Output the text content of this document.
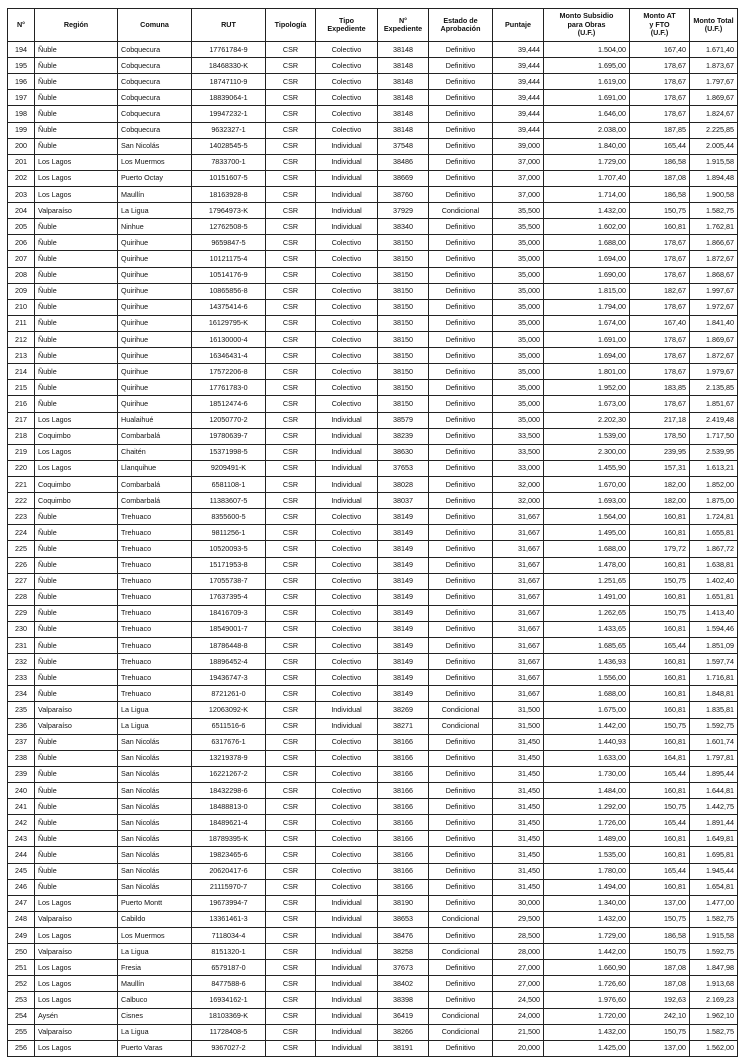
N°	Región	Comuna	RUT	Tipología	Tipo
Expediente	N°
Expediente	Estado de
Aprobación	Puntaje	Monto Subsidio
para Obras
(U.F.)	Monto AT
y FTO
(U.F.)	Monto Total
(U.F.)
194	Ñuble	Cobquecura	17761784-9	CSR	Colectivo	38148	Definitivo	39,444	1.504,00	167,40	1.671,40
195	Ñuble	Cobquecura	18468330-K	CSR	Colectivo	38148	Definitivo	39,444	1.695,00	178,67	1.873,67
196	Ñuble	Cobquecura	18747110-9	CSR	Colectivo	38148	Definitivo	39,444	1.619,00	178,67	1.797,67
197	Ñuble	Cobquecura	18839064-1	CSR	Colectivo	38148	Definitivo	39,444	1.691,00	178,67	1.869,67
198	Ñuble	Cobquecura	19947232-1	CSR	Colectivo	38148	Definitivo	39,444	1.646,00	178,67	1.824,67
199	Ñuble	Cobquecura	9632327-1	CSR	Colectivo	38148	Definitivo	39,444	2.038,00	187,85	2.225,85
200	Ñuble	San Nicolás	14028545-5	CSR	Individual	37548	Definitivo	39,000	1.840,00	165,44	2.005,44
201	Los Lagos	Los Muermos	7833700-1	CSR	Individual	38486	Definitivo	37,000	1.729,00	186,58	1.915,58
202	Los Lagos	Puerto Octay	10151607-5	CSR	Individual	38669	Definitivo	37,000	1.707,40	187,08	1.894,48
203	Los Lagos	Maullín	18163928-8	CSR	Individual	38760	Definitivo	37,000	1.714,00	186,58	1.900,58
204	Valparaíso	La Ligua	17964973-K	CSR	Individual	37929	Condicional	35,500	1.432,00	150,75	1.582,75
205	Ñuble	Ninhue	12762508-5	CSR	Individual	38340	Definitivo	35,500	1.602,00	160,81	1.762,81
206	Ñuble	Quirihue	9659847-5	CSR	Colectivo	38150	Definitivo	35,000	1.688,00	178,67	1.866,67
207	Ñuble	Quirihue	10121175-4	CSR	Colectivo	38150	Definitivo	35,000	1.694,00	178,67	1.872,67
208	Ñuble	Quirihue	10514176-9	CSR	Colectivo	38150	Definitivo	35,000	1.690,00	178,67	1.868,67
209	Ñuble	Quirihue	10865856-8	CSR	Colectivo	38150	Definitivo	35,000	1.815,00	182,67	1.997,67
210	Ñuble	Quirihue	14375414-6	CSR	Colectivo	38150	Definitivo	35,000	1.794,00	178,67	1.972,67
211	Ñuble	Quirihue	16129795-K	CSR	Colectivo	38150	Definitivo	35,000	1.674,00	167,40	1.841,40
212	Ñuble	Quirihue	16130000-4	CSR	Colectivo	38150	Definitivo	35,000	1.691,00	178,67	1.869,67
213	Ñuble	Quirihue	16346431-4	CSR	Colectivo	38150	Definitivo	35,000	1.694,00	178,67	1.872,67
214	Ñuble	Quirihue	17572206-8	CSR	Colectivo	38150	Definitivo	35,000	1.801,00	178,67	1.979,67
215	Ñuble	Quirihue	17761783-0	CSR	Colectivo	38150	Definitivo	35,000	1.952,00	183,85	2.135,85
216	Ñuble	Quirihue	18512474-6	CSR	Colectivo	38150	Definitivo	35,000	1.673,00	178,67	1.851,67
217	Los Lagos	Hualaihué	12050770-2	CSR	Individual	38579	Definitivo	35,000	2.202,30	217,18	2.419,48
218	Coquimbo	Combarbalá	19780639-7	CSR	Individual	38239	Definitivo	33,500	1.539,00	178,50	1.717,50
219	Los Lagos	Chaitén	15371998-5	CSR	Individual	38630	Definitivo	33,500	2.300,00	239,95	2.539,95
220	Los Lagos	Llanquihue	9209491-K	CSR	Individual	37653	Definitivo	33,000	1.455,90	157,31	1.613,21
221	Coquimbo	Combarbalá	6581108-1	CSR	Individual	38028	Definitivo	32,000	1.670,00	182,00	1.852,00
222	Coquimbo	Combarbalá	11383607-5	CSR	Individual	38037	Definitivo	32,000	1.693,00	182,00	1.875,00
223	Ñuble	Trehuaco	8355600-5	CSR	Colectivo	38149	Definitivo	31,667	1.564,00	160,81	1.724,81
224	Ñuble	Trehuaco	9811256-1	CSR	Colectivo	38149	Definitivo	31,667	1.495,00	160,81	1.655,81
225	Ñuble	Trehuaco	10520093-5	CSR	Colectivo	38149	Definitivo	31,667	1.688,00	179,72	1.867,72
226	Ñuble	Trehuaco	15171953-8	CSR	Colectivo	38149	Definitivo	31,667	1.478,00	160,81	1.638,81
227	Ñuble	Trehuaco	17055738-7	CSR	Colectivo	38149	Definitivo	31,667	1.251,65	150,75	1.402,40
228	Ñuble	Trehuaco	17637395-4	CSR	Colectivo	38149	Definitivo	31,667	1.491,00	160,81	1.651,81
229	Ñuble	Trehuaco	18416709-3	CSR	Colectivo	38149	Definitivo	31,667	1.262,65	150,75	1.413,40
230	Ñuble	Trehuaco	18549001-7	CSR	Colectivo	38149	Definitivo	31,667	1.433,65	160,81	1.594,46
231	Ñuble	Trehuaco	18786448-8	CSR	Colectivo	38149	Definitivo	31,667	1.685,65	165,44	1.851,09
232	Ñuble	Trehuaco	18896452-4	CSR	Colectivo	38149	Definitivo	31,667	1.436,93	160,81	1.597,74
233	Ñuble	Trehuaco	19436747-3	CSR	Colectivo	38149	Definitivo	31,667	1.556,00	160,81	1.716,81
234	Ñuble	Trehuaco	8721261-0	CSR	Colectivo	38149	Definitivo	31,667	1.688,00	160,81	1.848,81
235	Valparaíso	La Ligua	12063092-K	CSR	Individual	38269	Condicional	31,500	1.675,00	160,81	1.835,81
236	Valparaíso	La Ligua	6511516-6	CSR	Individual	38271	Condicional	31,500	1.442,00	150,75	1.592,75
237	Ñuble	San Nicolás	6317676-1	CSR	Colectivo	38166	Definitivo	31,450	1.440,93	160,81	1.601,74
238	Ñuble	San Nicolás	13219378-9	CSR	Colectivo	38166	Definitivo	31,450	1.633,00	164,81	1.797,81
239	Ñuble	San Nicolás	16221267-2	CSR	Colectivo	38166	Definitivo	31,450	1.730,00	165,44	1.895,44
240	Ñuble	San Nicolás	18432298-6	CSR	Colectivo	38166	Definitivo	31,450	1.484,00	160,81	1.644,81
241	Ñuble	San Nicolás	18488813-0	CSR	Colectivo	38166	Definitivo	31,450	1.292,00	150,75	1.442,75
242	Ñuble	San Nicolás	18489621-4	CSR	Colectivo	38166	Definitivo	31,450	1.726,00	165,44	1.891,44
243	Ñuble	San Nicolás	18789395-K	CSR	Colectivo	38166	Definitivo	31,450	1.489,00	160,81	1.649,81
244	Ñuble	San Nicolás	19823465-6	CSR	Colectivo	38166	Definitivo	31,450	1.535,00	160,81	1.695,81
245	Ñuble	San Nicolás	20620417-6	CSR	Colectivo	38166	Definitivo	31,450	1.780,00	165,44	1.945,44
246	Ñuble	San Nicolás	21115970-7	CSR	Colectivo	38166	Definitivo	31,450	1.494,00	160,81	1.654,81
247	Los Lagos	Puerto Montt	19673994-7	CSR	Individual	38190	Definitivo	30,000	1.340,00	137,00	1.477,00
248	Valparaíso	Cabildo	13361461-3	CSR	Individual	38653	Condicional	29,500	1.432,00	150,75	1.582,75
249	Los Lagos	Los Muermos	7118034-4	CSR	Individual	38476	Definitivo	28,500	1.729,00	186,58	1.915,58
250	Valparaíso	La Ligua	8151320-1	CSR	Individual	38258	Condicional	28,000	1.442,00	150,75	1.592,75
251	Los Lagos	Fresia	6579187-0	CSR	Individual	37673	Definitivo	27,000	1.660,90	187,08	1.847,98
252	Los Lagos	Maullín	8477588-6	CSR	Individual	38402	Definitivo	27,000	1.726,60	187,08	1.913,68
253	Los Lagos	Calbuco	16934162-1	CSR	Individual	38398	Definitivo	24,500	1.976,60	192,63	2.169,23
254	Aysén	Cisnes	18103369-K	CSR	Individual	36419	Condicional	24,000	1.720,00	242,10	1.962,10
255	Valparaíso	La Ligua	11728408-5	CSR	Individual	38266	Condicional	21,500	1.432,00	150,75	1.582,75
256	Los Lagos	Puerto Varas	9367027-2	CSR	Individual	38191	Definitivo	20,000	1.425,00	137,00	1.562,00
